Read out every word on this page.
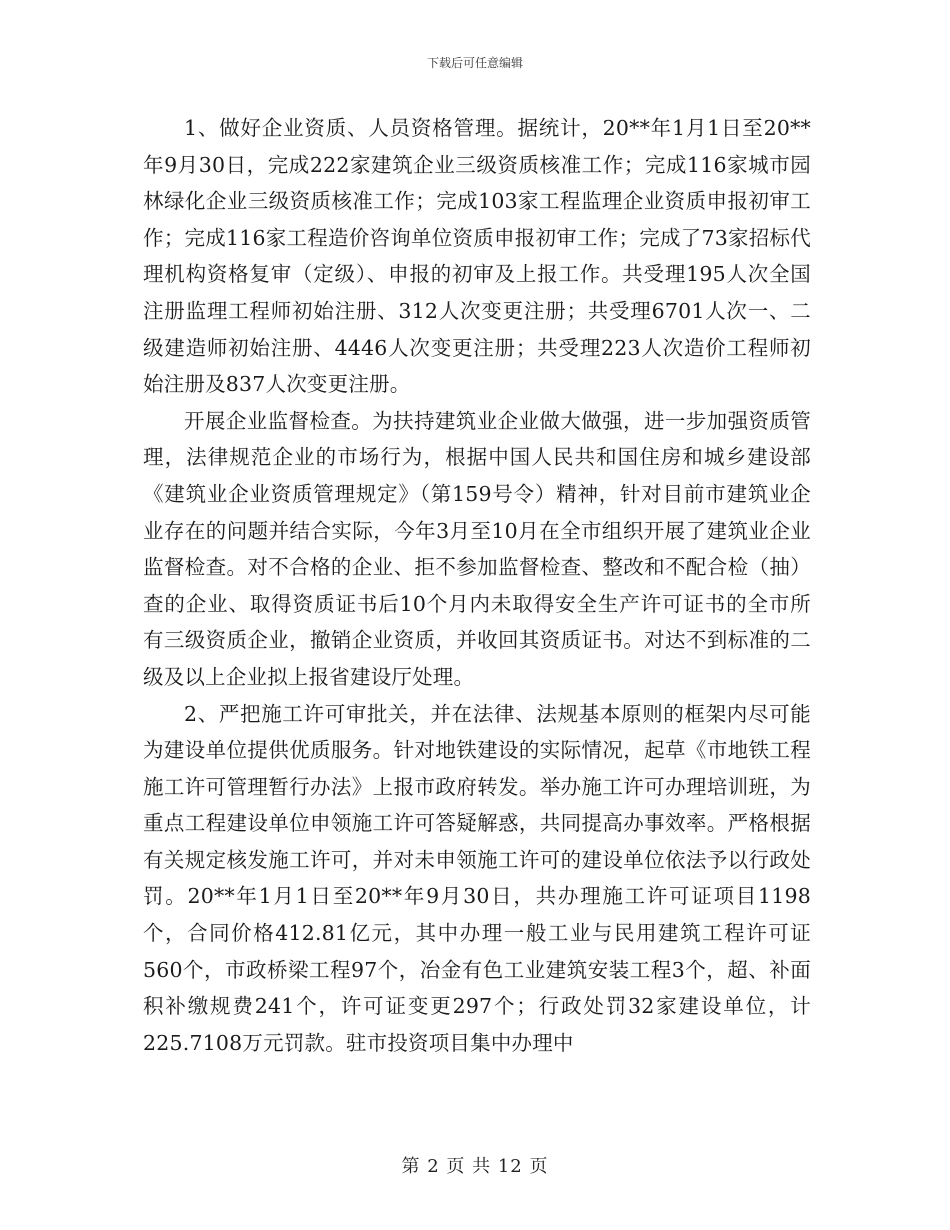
下载后可任意编辑

1、做好企业资质、人员资格管理。据统计，20**年1月1日至20**年9月30日，完成222家建筑企业三级资质核准工作；完成116家城市园林绿化企业三级资质核准工作；完成103家工程监理企业资质申报初审工作；完成116家工程造价咨询单位资质申报初审工作；完成了73家招标代理机构资格复审（定级）、申报的初审及上报工作。共受理195人次全国注册监理工程师初始注册、312人次变更注册；共受理6701人次一、二级建造师初始注册、4446人次变更注册；共受理223人次造价工程师初始注册及837人次变更注册。

开展企业监督检查。为扶持建筑业企业做大做强，进一步加强资质管理，法律规范企业的市场行为，根据中国人民共和国住房和城乡建设部《建筑业企业资质管理规定》（第159号令）精神，针对目前市建筑业企业存在的问题并结合实际，今年3月至10月在全市组织开展了建筑业企业监督检查。对不合格的企业、拒不参加监督检查、整改和不配合检（抽）查的企业、取得资质证书后10个月内未取得安全生产许可证书的全市所有三级资质企业，撤销企业资质，并收回其资质证书。对达不到标准的二级及以上企业拟上报省建设厅处理。

2、严把施工许可审批关，并在法律、法规基本原则的框架内尽可能为建设单位提供优质服务。针对地铁建设的实际情况，起草《市地铁工程施工许可管理暂行办法》上报市政府转发。举办施工许可办理培训班，为重点工程建设单位申领施工许可答疑解惑，共同提高办事效率。严格根据有关规定核发施工许可，并对未申领施工许可的建设单位依法予以行政处罚。20**年1月1日至20**年9月30日，共办理施工许可证项目1198个，合同价格412.81亿元，其中办理一般工业与民用建筑工程许可证560个，市政桥梁工程97个，冶金有色工业建筑安装工程3个，超、补面积补缴规费241个，许可证变更297个；行政处罚32家建设单位，计225.7108万元罚款。驻市投资项目集中办理中

第 2 页 共 12 页
